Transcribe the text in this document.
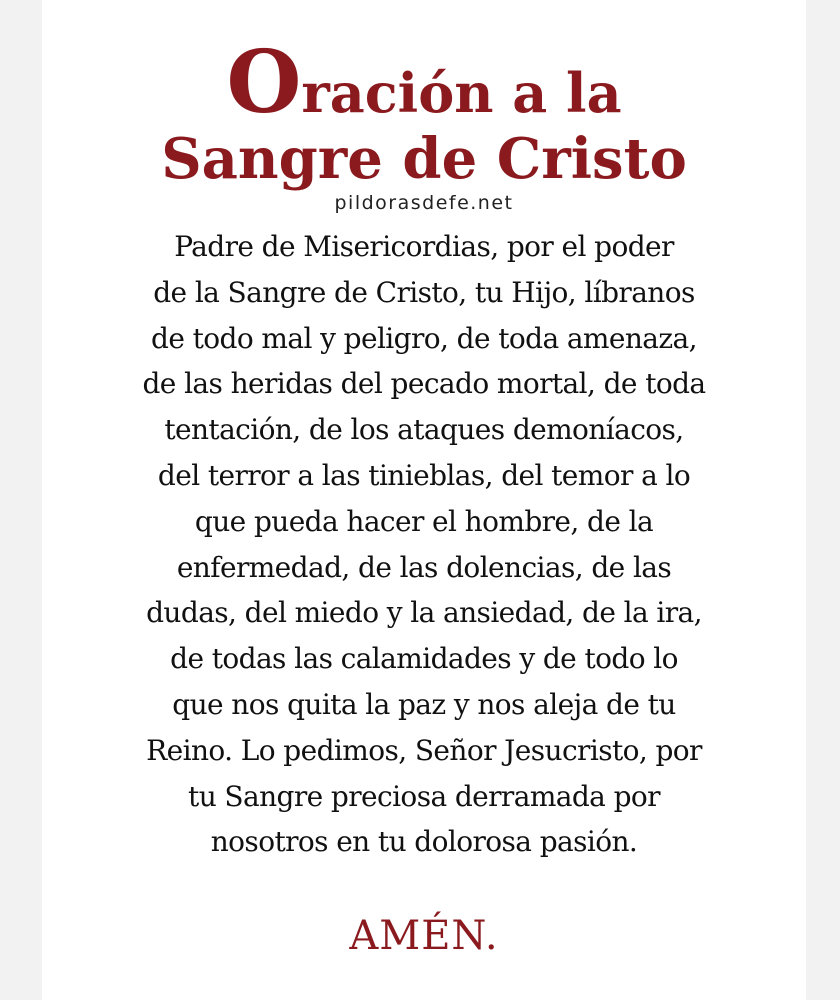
Oración a la
Sangre de Cristo
pildorasdefe.net
Padre de Misericordias, por el poder
de la Sangre de Cristo, tu Hijo, líbranos
de todo mal y peligro, de toda amenaza,
de las heridas del pecado mortal, de toda
tentación, de los ataques demoníacos,
del terror a las tinieblas, del temor a lo
que pueda hacer el hombre, de la
enfermedad, de las dolencias, de las
dudas, del miedo y la ansiedad, de la ira,
de todas las calamidades y de todo lo
que nos quita la paz y nos aleja de tu
Reino. Lo pedimos, Señor Jesucristo, por
tu Sangre preciosa derramada por
nosotros en tu dolorosa pasión.
AMÉN.
